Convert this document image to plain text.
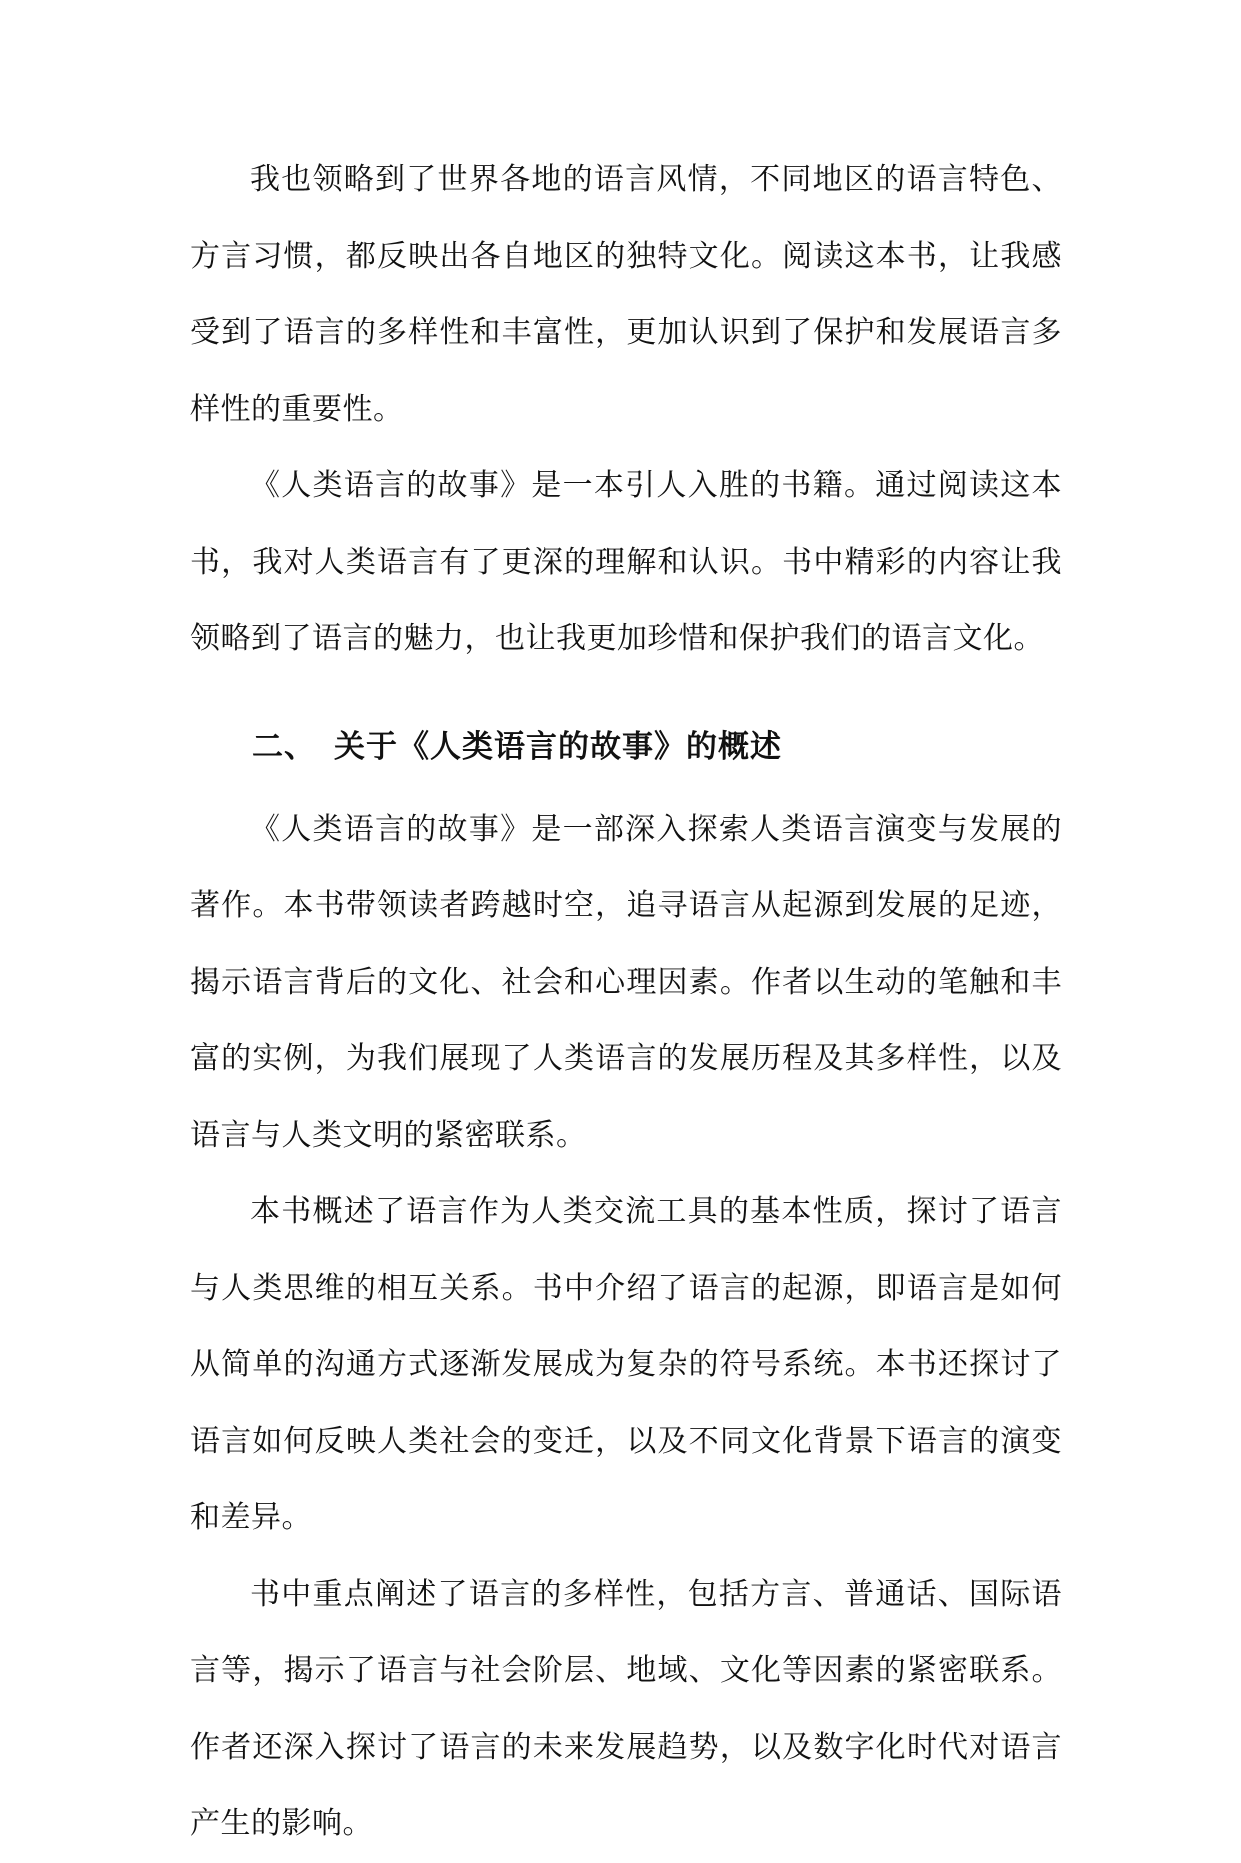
我也领略到了世界各地的语言风情，不同地区的语言特色、方言习惯，都反映出各自地区的独特文化。阅读这本书，让我感受到了语言的多样性和丰富性，更加认识到了保护和发展语言多样性的重要性。

《人类语言的故事》是一本引人入胜的书籍。通过阅读这本书，我对人类语言有了更深的理解和认识。书中精彩的内容让我领略到了语言的魅力，也让我更加珍惜和保护我们的语言文化。

二、 关于《人类语言的故事》的概述

《人类语言的故事》是一部深入探索人类语言演变与发展的著作。本书带领读者跨越时空，追寻语言从起源到发展的足迹，揭示语言背后的文化、社会和心理因素。作者以生动的笔触和丰富的实例，为我们展现了人类语言的发展历程及其多样性，以及语言与人类文明的紧密联系。

本书概述了语言作为人类交流工具的基本性质，探讨了语言与人类思维的相互关系。书中介绍了语言的起源，即语言是如何从简单的沟通方式逐渐发展成为复杂的符号系统。本书还探讨了语言如何反映人类社会的变迁，以及不同文化背景下语言的演变和差异。

书中重点阐述了语言的多样性，包括方言、普通话、国际语言等，揭示了语言与社会阶层、地域、文化等因素的紧密联系。作者还深入探讨了语言的未来发展趋势，以及数字化时代对语言产生的影响。
